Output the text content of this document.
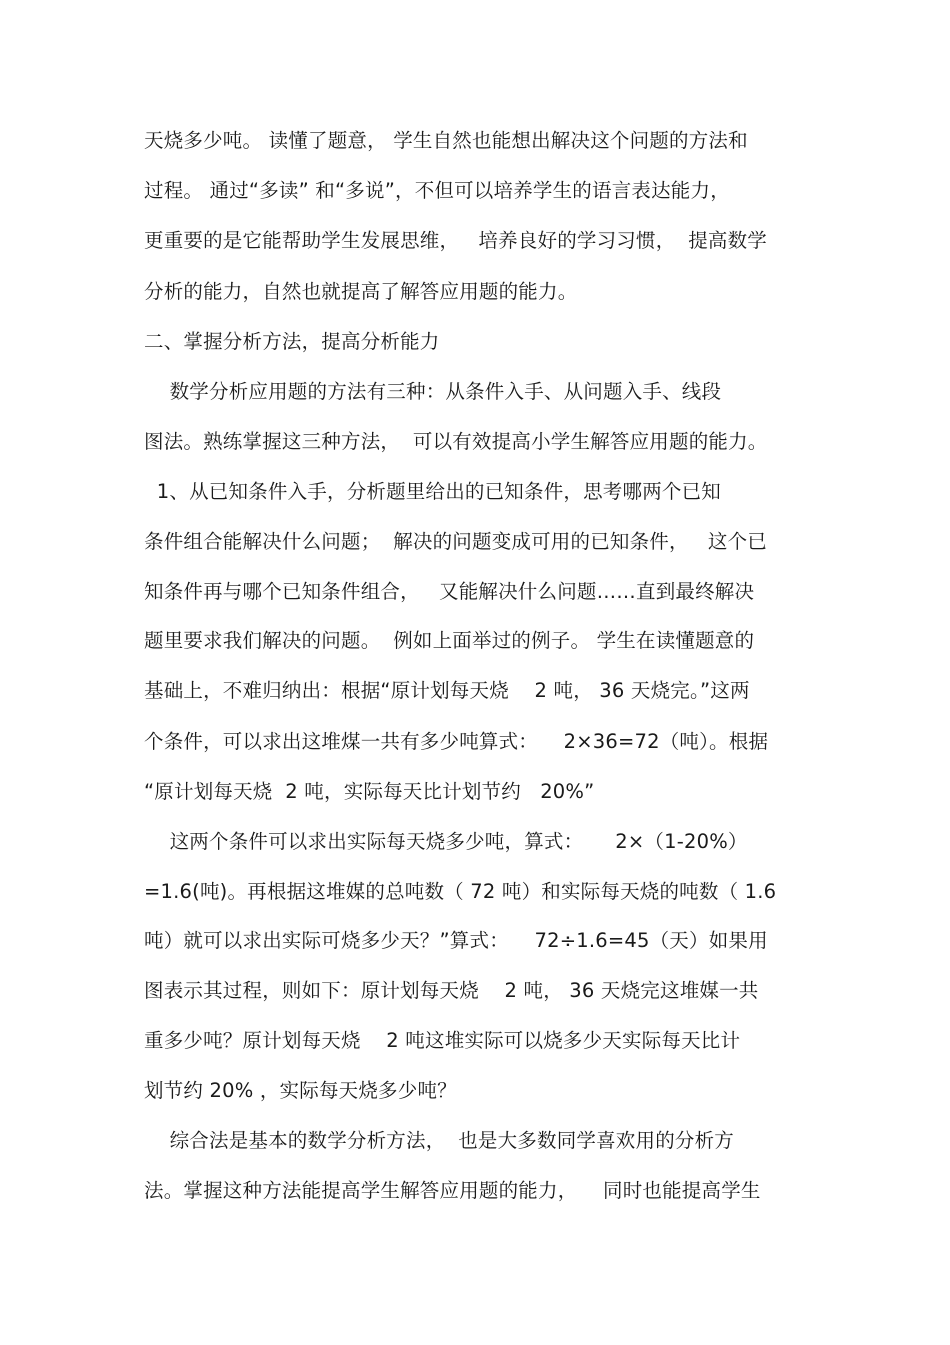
天烧多少吨。 读懂了题意， 学生自然也能想出解决这个问题的方法和
过程。 通过“多读” 和“多说”，不但可以培养学生的语言表达能力，
更重要的是它能帮助学生发展思维，   培养良好的学习习惯，  提高数学
分析的能力，自然也就提高了解答应用题的能力。
二、掌握分析方法，提高分析能力
数学分析应用题的方法有三种：从条件入手、从问题入手、线段
图法。熟练掌握这三种方法，  可以有效提高小学生解答应用题的能力。
1、从已知条件入手，分析题里给出的已知条件，思考哪两个已知
条件组合能解决什么问题；  解决的问题变成可用的已知条件，   这个已
知条件再与哪个已知条件组合，   又能解决什么问题……直到最终解决
题里要求我们解决的问题。  例如上面举过的例子。 学生在读懂题意的
基础上，不难归纳出：根据“原计划每天烧    2 吨， 36 天烧完。”这两
个条件，可以求出这堆煤一共有多少吨算式：    2×36=72（吨）。根据
“原计划每天烧  2 吨，实际每天比计划节约   20%”
这两个条件可以求出实际每天烧多少吨，算式：     2×（1-20%）
=1.6(吨)。再根据这堆媒的总吨数（ 72 吨）和实际每天烧的吨数（ 1.6
吨）就可以求出实际可烧多少天？”算式：    72÷1.6=45（天）如果用
图表示其过程，则如下：原计划每天烧    2 吨， 36 天烧完这堆媒一共
重多少吨？原计划每天烧    2 吨这堆实际可以烧多少天实际每天比计
划节约 20% ，实际每天烧多少吨？
综合法是基本的数学分析方法，  也是大多数同学喜欢用的分析方
法。掌握这种方法能提高学生解答应用题的能力，    同时也能提高学生
